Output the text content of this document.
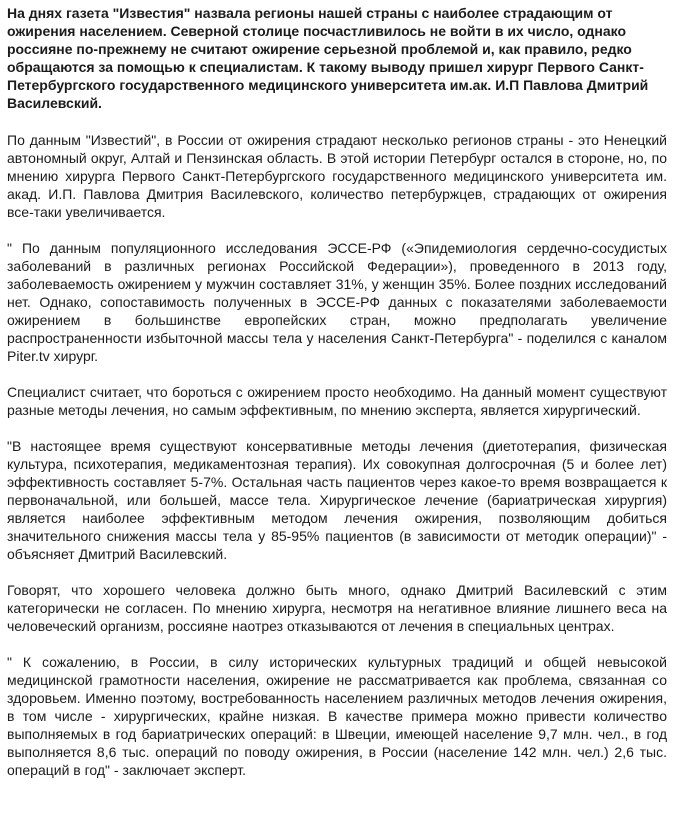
На днях газета "Известия" назвала регионы нашей страны с наиболее страдающим от ожирения населением. Северной столице посчастливилось не войти в их число, однако россияне по-прежнему не считают ожирение серьезной проблемой и, как правило, редко обращаются за помощью к специалистам. К такому выводу пришел хирург Первого Санкт-Петербургского государственного медицинского университета им.ак. И.П Павлова Дмитрий Василевский.

По данным "Известий", в России от ожирения страдают несколько регионов страны - это Ненецкий автономный округ, Алтай и Пензинская область. В этой истории Петербург остался в стороне, но, по мнению хирурга Первого Санкт-Петербургского государственного медицинского университета им. акад. И.П. Павлова Дмитрия Василевского, количество петербуржцев, страдающих от ожирения все-таки увеличивается.

" По данным популяционного исследования ЭССЕ-РФ («Эпидемиология сердечно-сосудистых заболеваний в различных регионах Российской Федерации»), проведенного в 2013 году, заболеваемость ожирением у мужчин составляет 31%, у женщин 35%. Более поздних исследований нет. Однако, сопоставимость полученных в ЭССЕ-РФ данных с показателями заболеваемости ожирением в большинстве европейских стран, можно предполагать увеличение распространенности избыточной массы тела у населения Санкт-Петербурга" - поделился с каналом Piter.tv хирург.

Специалист считает, что бороться с ожирением просто необходимо. На данный момент существуют разные методы лечения, но самым эффективным, по мнению эксперта, является хирургический.

"В настоящее время существуют консервативные методы лечения (диетотерапия, физическая культура, психотерапия, медикаментозная терапия). Их совокупная долгосрочная (5 и более лет) эффективность составляет 5-7%. Остальная часть пациентов через какое-то время возвращается к первоначальной, или большей, массе тела. Хирургическое лечение (бариатрическая хирургия) является наиболее эффективным методом лечения ожирения, позволяющим добиться значительного снижения массы тела у 85-95% пациентов (в зависимости от методик операции)" - объясняет Дмитрий Василевский.

Говорят, что хорошего человека должно быть много, однако Дмитрий Василевский с этим категорически не согласен. По мнению хирурга, несмотря на негативное влияние лишнего веса на человеческий организм, россияне наотрез отказываются от лечения в специальных центрах.

" К сожалению, в России, в силу исторических культурных традиций и общей невысокой медицинской грамотности населения, ожирение не рассматривается как проблема, связанная со здоровьем. Именно поэтому, востребованность населением различных методов лечения ожирения, в том числе - хирургических, крайне низкая. В качестве примера можно привести количество выполняемых в год бариатрических операций: в Швеции, имеющей население 9,7 млн. чел., в год выполняется 8,6 тыс. операций по поводу ожирения, в России (население 142 млн. чел.) 2,6 тыс. операций в год" - заключает эксперт.
